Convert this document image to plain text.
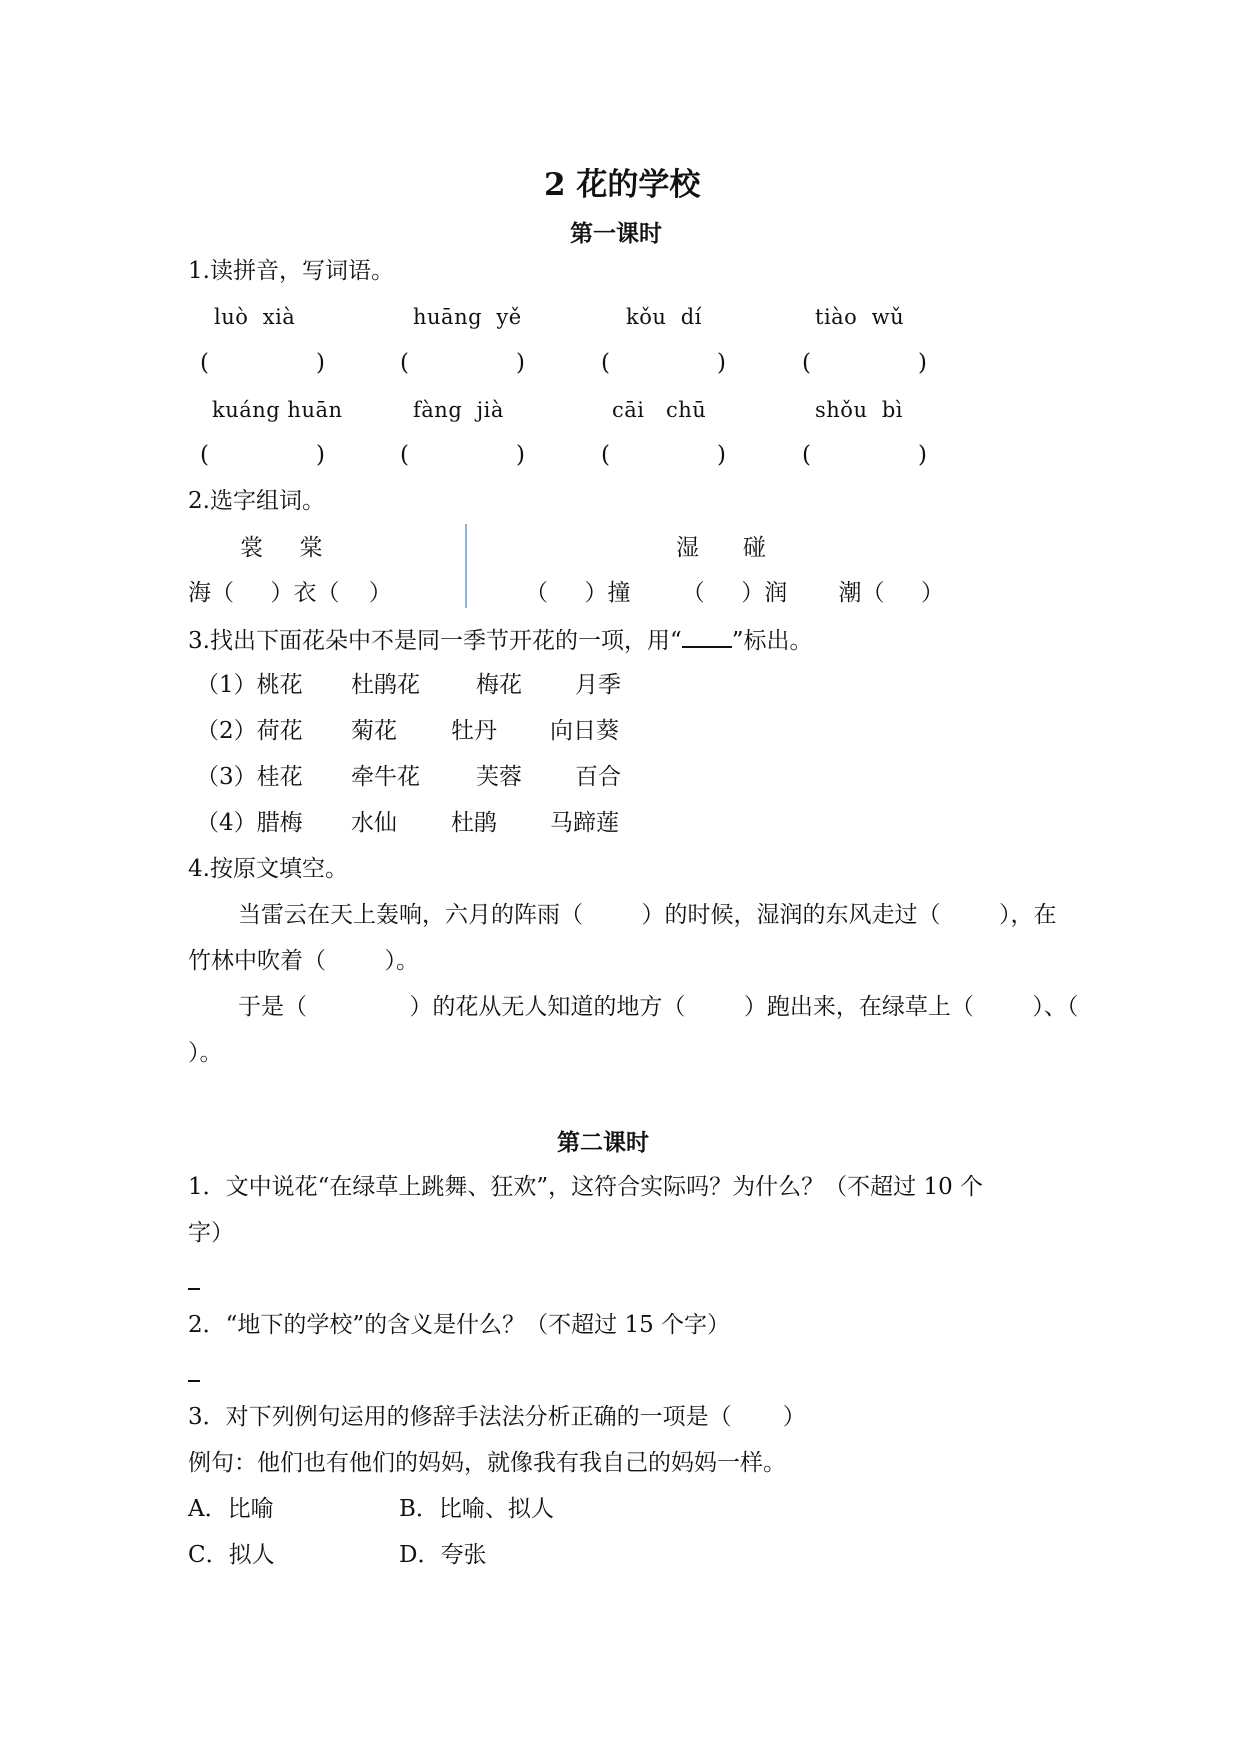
2 花的学校
第一课时
1.读拼音，写词语。
luò  xià	huāng  yě	kǒu  dí	tiào  wǔ
(	)	(	)	(	)	(	)
kuáng huān	fàng  jià	cāi   chū	shǒu  bì
(	)	(	)	(	)	(	)
2.选字组词。
裳     棠
海（     ）衣（    ）
湿      碰
（     ）撞       （     ）润       潮（     ）
3.找出下面花朵中不是同一季节开花的一项，用“ ”标出。
（1）桃花 杜鹃花 梅花 月季
（2）荷花 菊花 牡丹 向日葵
（3）桂花 牵牛花 芙蓉 百合
（4）腊梅 水仙 杜鹃 马蹄莲
4.按原文填空。
当雷云在天上轰响，六月的阵雨（        ）的时候，湿润的东风走过（        ），在
竹林中吹着（        ）。
于是（              ）的花从无人知道的地方（        ）跑出来，在绿草上（        ）、（
）。
第二课时
1．文中说花“在绿草上跳舞、狂欢”，这符合实际吗？为什么？（不超过 10 个
字）
2．“地下的学校”的含义是什么？（不超过 15 个字）
3．对下列例句运用的修辞手法法分析正确的一项是（       ）
例句：他们也有他们的妈妈，就像我有我自己的妈妈一样。
A．比喻	B．比喻、拟人
C．拟人	D．夸张
